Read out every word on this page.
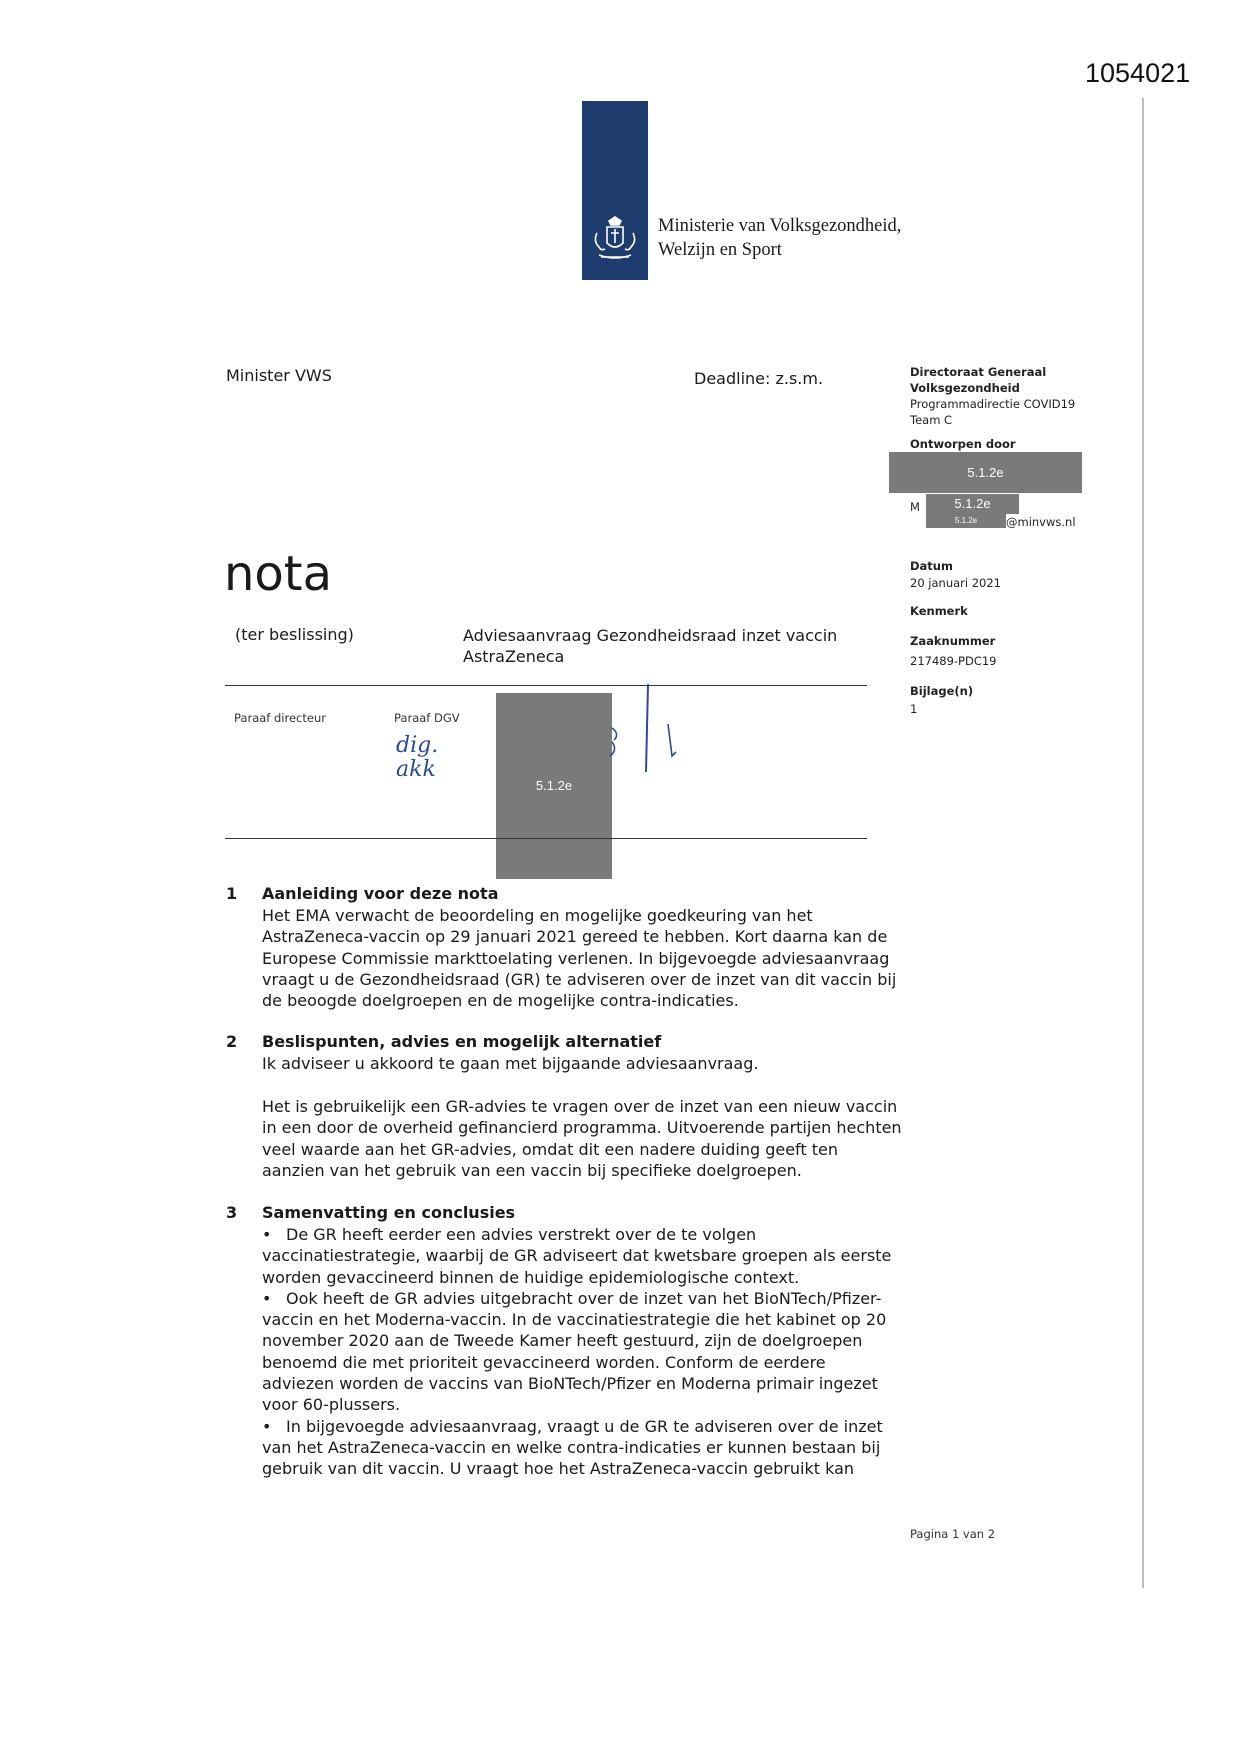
1054021
Ministerie van Volksgezondheid,
Welzijn en Sport
Minister VWS	Deadline: z.s.m.	Directoraat Generaal
Volksgezondheid
Programmadirectie COVID19
Team C
Ontworpen door
5.1.2e
M	5.1.2e
5.1.2e	@minvws.nl
Datum
20 januari 2021
Kenmerk
Zaaknummer
217489-PDC19
Bijlage(n)
1
nota
(ter beslissing)	Adviesaanvraag Gezondheidsraad inzet vaccin AstraZeneca
Paraaf directeur	Paraaf DGV
dig.
akk
5.1.2e
1 Aanleiding voor deze nota

Het EMA verwacht de beoordeling en mogelijke goedkeuring van het AstraZeneca-vaccin op 29 januari 2021 gereed te hebben. Kort daarna kan de Europese Commissie markttoelating verlenen. In bijgevoegde adviesaanvraag vraagt u de Gezondheidsraad (GR) te adviseren over de inzet van dit vaccin bij de beoogde doelgroepen en de mogelijke contra-indicaties.

2 Beslispunten, advies en mogelijk alternatief

Ik adviseer u akkoord te gaan met bijgaande adviesaanvraag.

Het is gebruikelijk een GR-advies te vragen over de inzet van een nieuw vaccin in een door de overheid gefinancierd programma. Uitvoerende partijen hechten veel waarde aan het GR-advies, omdat dit een nadere duiding geeft ten aanzien van het gebruik van een vaccin bij specifieke doelgroepen.

3 Samenvatting en conclusies

• De GR heeft eerder een advies verstrekt over de te volgen vaccinatiestrategie, waarbij de GR adviseert dat kwetsbare groepen als eerste worden gevaccineerd binnen de huidige epidemiologische context.

• Ook heeft de GR advies uitgebracht over de inzet van het BioNTech/Pfizer-vaccin en het Moderna-vaccin. In de vaccinatiestrategie die het kabinet op 20 november 2020 aan de Tweede Kamer heeft gestuurd, zijn de doelgroepen benoemd die met prioriteit gevaccineerd worden. Conform de eerdere adviezen worden de vaccins van BioNTech/Pfizer en Moderna primair ingezet voor 60-plussers.

• In bijgevoegde adviesaanvraag, vraagt u de GR te adviseren over de inzet van het AstraZeneca-vaccin en welke contra-indicaties er kunnen bestaan bij gebruik van dit vaccin. U vraagt hoe het AstraZeneca-vaccin gebruikt kan

Pagina 1 van 2
